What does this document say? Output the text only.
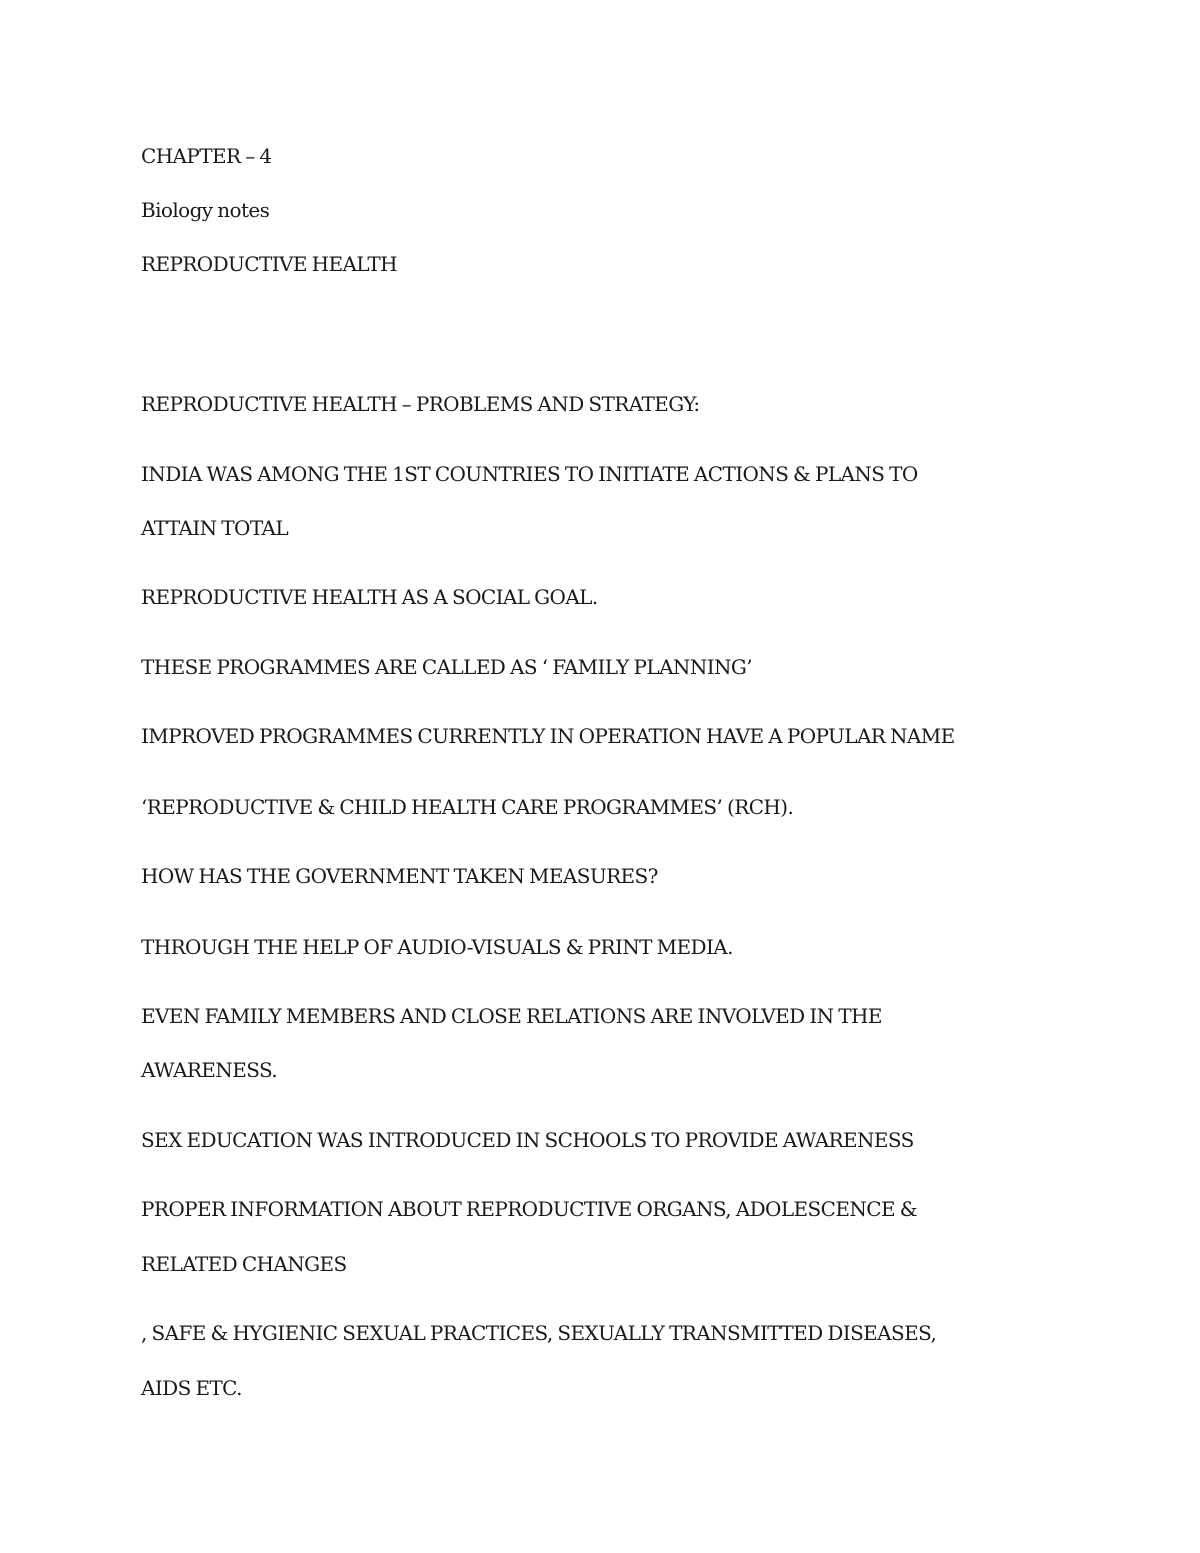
CHAPTER – 4
Biology notes
REPRODUCTIVE HEALTH
REPRODUCTIVE HEALTH – PROBLEMS AND STRATEGY:
INDIA WAS AMONG THE 1ST COUNTRIES TO INITIATE ACTIONS & PLANS TO
ATTAIN TOTAL
REPRODUCTIVE HEALTH AS A SOCIAL GOAL.
THESE PROGRAMMES ARE CALLED AS ‘ FAMILY PLANNING’
IMPROVED PROGRAMMES CURRENTLY IN OPERATION HAVE A POPULAR NAME
‘REPRODUCTIVE & CHILD HEALTH CARE PROGRAMMES’ (RCH).
HOW HAS THE GOVERNMENT TAKEN MEASURES?
THROUGH THE HELP OF AUDIO-VISUALS & PRINT MEDIA.
EVEN FAMILY MEMBERS AND CLOSE RELATIONS ARE INVOLVED IN THE
AWARENESS.
SEX EDUCATION WAS INTRODUCED IN SCHOOLS TO PROVIDE AWARENESS
PROPER INFORMATION ABOUT REPRODUCTIVE ORGANS, ADOLESCENCE &
RELATED CHANGES
, SAFE & HYGIENIC SEXUAL PRACTICES, SEXUALLY TRANSMITTED DISEASES,
AIDS ETC.
